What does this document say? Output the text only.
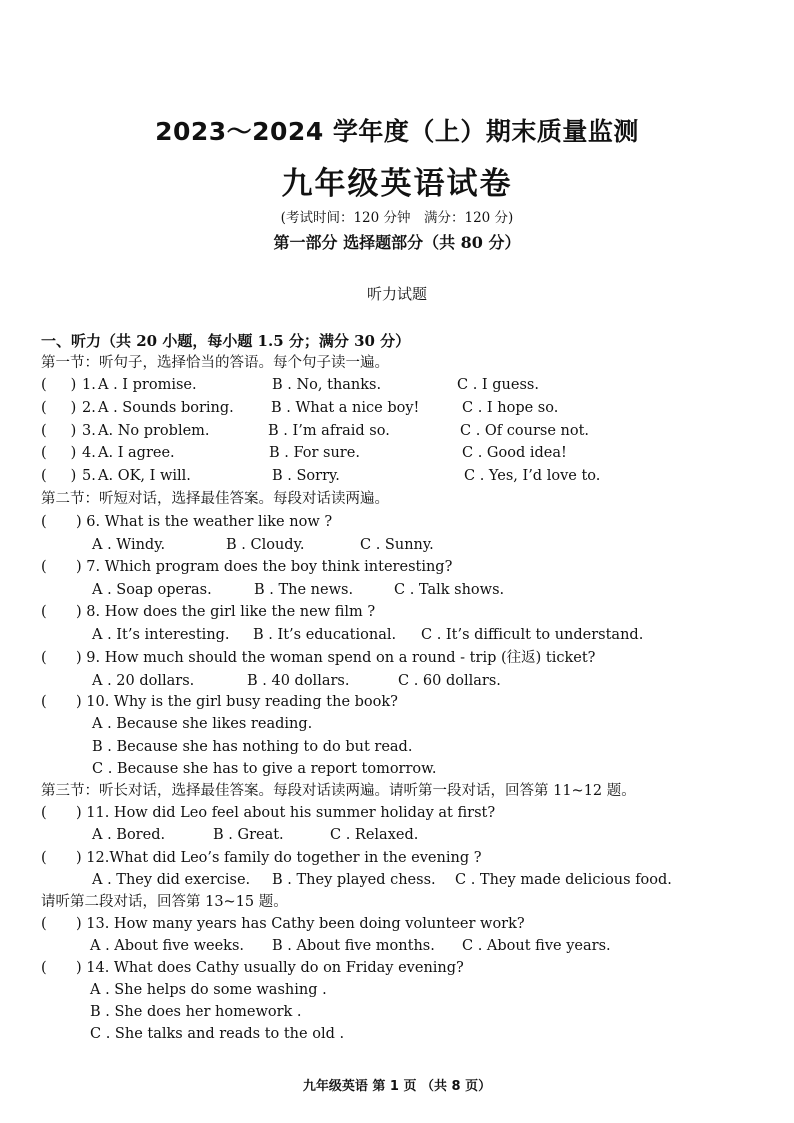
2023～2024 学年度（上）期末质量监测
九年级英语试卷
(考试时间：120 分钟　满分：120 分)
第一部分 选择题部分（共 80 分）
听力试题
一、听力（共 20 小题，每小题 1.5 分；满分 30 分）
第一节：听句子，选择恰当的答语。每个句子读一遍。
( ) 1. A . I promise.	B . No, thanks.	C . I guess.
( ) 2. A . Sounds boring.	B . What a nice boy!	C . I hope so.
( ) 3. A. No problem.	B . I’m afraid so.	C . Of course not.
( ) 4. A. I agree.	B . For sure.	C . Good idea!
( ) 5. A. OK, I will.	B . Sorry.	C . Yes, I’d love to.
第二节：听短对话，选择最佳答案。每段对话读两遍。
( ) 6. What is the weather like now ?
A . Windy.	B . Cloudy.	C . Sunny.
( ) 7. Which program does the boy think interesting?
A . Soap operas.	B . The news.	C . Talk shows.
( ) 8. How does the girl like the new film ?
A . It’s interesting. B . It’s educational. C . It’s difficult to understand.
( ) 9. How much should the woman spend on a round - trip (往返) ticket?
A . 20 dollars.	B . 40 dollars.	C . 60 dollars.
( ) 10. Why is the girl busy reading the book?
A . Because she likes reading.
B . Because she has nothing to do but read.
C . Because she has to give a report tomorrow.
第三节：听长对话，选择最佳答案。每段对话读两遍。请听第一段对话，回答第 11~12 题。
( ) 11. How did Leo feel about his summer holiday at first?
A . Bored.	B . Great.	C . Relaxed.
( ) 12.What did Leo’s family do together in the evening ?
A . They did exercise. B . They played chess. C . They made delicious food.
请听第二段对话，回答第 13~15 题。
( ) 13. How many years has Cathy been doing volunteer work?
A . About five weeks. B . About five months. C . About five years.
( ) 14. What does Cathy usually do on Friday evening?
A . She helps do some washing .
B . She does her homework .
C . She talks and reads to the old .
九年级英语 第 1 页 （共 8 页）
